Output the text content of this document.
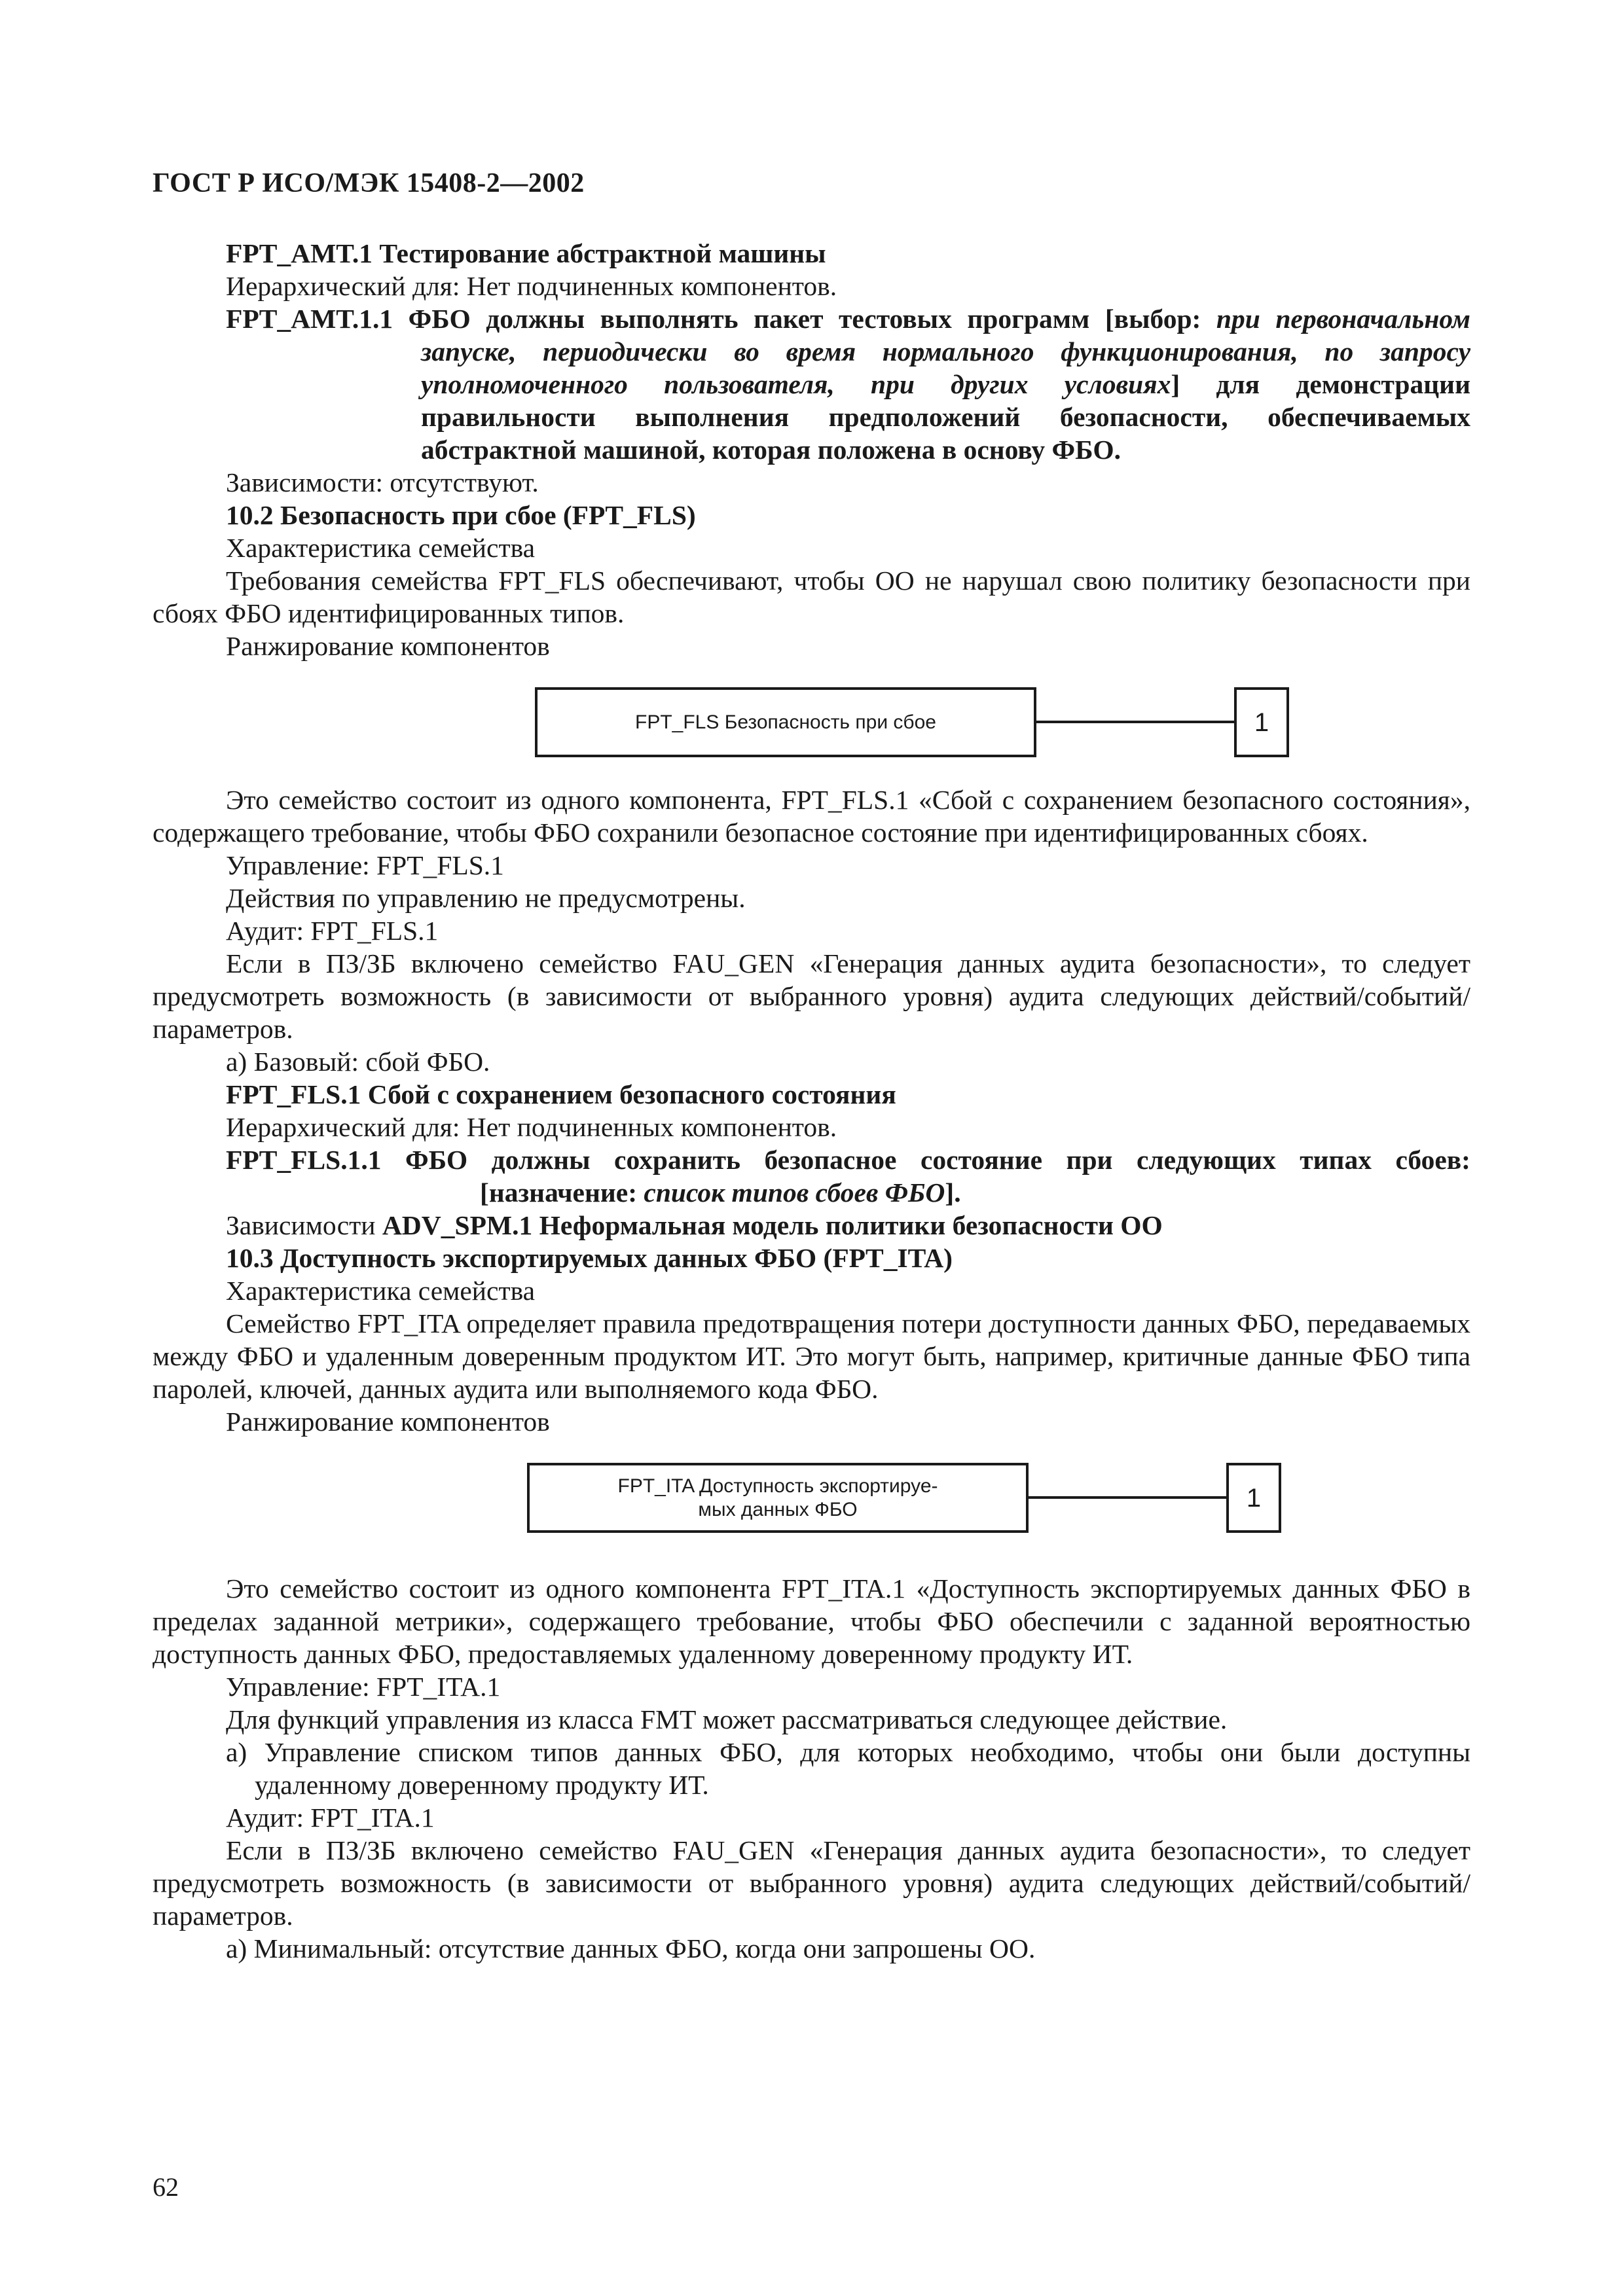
ГОСТ Р ИСО/МЭК 15408-2—2002

FPT_AMT.1 Тестирование абстрактной машины

Иерархический для: Нет подчиненных компонентов.

FPT_AMT.1.1 ФБО должны выполнять пакет тестовых программ [выбор: при первоначальном запуске, периодически во время нормального функционирования, по запросу уполномоченного пользователя, при других условиях] для демонстрации правильности выполнения предположений безопасности, обеспечиваемых абстрактной машиной, которая положена в основу ФБО.

Зависимости: отсутствуют.

10.2 Безопасность при сбое (FPT_FLS)

Характеристика семейства

Требования семейства FPT_FLS обеспечивают, чтобы ОО не нарушал свою политику безопасности при сбоях ФБО идентифицированных типов.

Ранжирование компонентов

FPT_FLS Безопасность при сбое	1

Это семейство состоит из одного компонента, FPT_FLS.1 «Сбой с сохранением безопасного состояния», содержащего требование, чтобы ФБО сохранили безопасное состояние при идентифицированных сбоях.

Управление: FPT_FLS.1

Действия по управлению не предусмотрены.

Аудит: FPT_FLS.1

Если в ПЗ/ЗБ включено семейство FAU_GEN «Генерация данных аудита безопасности», то следует предусмотреть возможность (в зависимости от выбранного уровня) аудита следующих действий/событий/параметров.

а) Базовый: сбой ФБО.

FPT_FLS.1 Сбой с сохранением безопасного состояния

Иерархический для: Нет подчиненных компонентов.

FPT_FLS.1.1 ФБО должны сохранить безопасное состояние при следующих типах сбоев: [назначение: список типов сбоев ФБО].

Зависимости ADV_SPM.1 Неформальная модель политики безопасности ОО

10.3 Доступность экспортируемых данных ФБО (FPT_ITA)

Характеристика семейства

Семейство FPT_ITA определяет правила предотвращения потери доступности данных ФБО, передаваемых между ФБО и удаленным доверенным продуктом ИТ. Это могут быть, например, критичные данные ФБО типа паролей, ключей, данных аудита или выполняемого кода ФБО.

Ранжирование компонентов

FPT_ITA Доступность экспортируе-
мых данных ФБО	1

Это семейство состоит из одного компонента FPT_ITA.1 «Доступность экспортируемых данных ФБО в пределах заданной метрики», содержащего требование, чтобы ФБО обеспечили с заданной вероятностью доступность данных ФБО, предоставляемых удаленному доверенному продукту ИТ.

Управление: FPT_ITA.1

Для функций управления из класса FMT может рассматриваться следующее действие.

а) Управление списком типов данных ФБО, для которых необходимо, чтобы они были доступны удаленному доверенному продукту ИТ.

Аудит: FPT_ITA.1

Если в ПЗ/ЗБ включено семейство FAU_GEN «Генерация данных аудита безопасности», то следует предусмотреть возможность (в зависимости от выбранного уровня) аудита следующих действий/событий/параметров.

а) Минимальный: отсутствие данных ФБО, когда они запрошены ОО.

62
